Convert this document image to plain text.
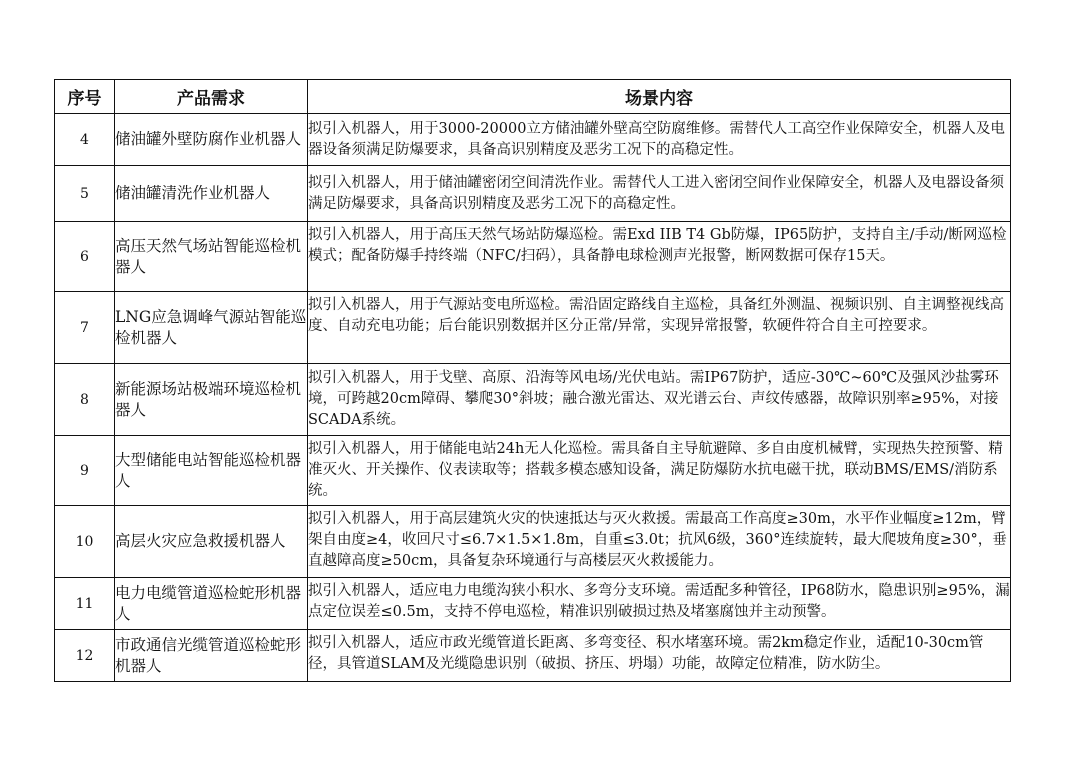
序号	产品需求	场景内容
4	储油罐外壁防腐作业机器人	拟引入机器人，用于3000-20000立方储油罐外壁高空防腐维修。需替代人工高空作业保障安全，机器人及电器设备须满足防爆要求，具备高识别精度及恶劣工况下的高稳定性。

5	储油罐清洗作业机器人	拟引入机器人，用于储油罐密闭空间清洗作业。需替代人工进入密闭空间作业保障安全，机器人及电器设备须满足防爆要求，具备高识别精度及恶劣工况下的高稳定性。

6	高压天然气场站智能巡检机器人	拟引入机器人，用于高压天然气场站防爆巡检。需Exd IIB T4 Gb防爆，IP65防护，支持自主/手动/断网巡检模式；配备防爆手持终端（NFC/扫码），具备静电球检测声光报警，断网数据可保存15天。

7	LNG应急调峰气源站智能巡检机器人	拟引入机器人，用于气源站变电所巡检。需沿固定路线自主巡检，具备红外测温、视频识别、自主调整视线高度、自动充电功能；后台能识别数据并区分正常/异常，实现异常报警，软硬件符合自主可控要求。

8	新能源场站极端环境巡检机器人	拟引入机器人，用于戈壁、高原、沿海等风电场/光伏电站。需IP67防护，适应-30℃~60℃及强风沙盐雾环境，可跨越20cm障碍、攀爬30°斜坡；融合激光雷达、双光谱云台、声纹传感器，故障识别率≥95%，对接SCADA系统。

9	大型储能电站智能巡检机器人	拟引入机器人，用于储能电站24h无人化巡检。需具备自主导航避障、多自由度机械臂，实现热失控预警、精准灭火、开关操作、仪表读取等；搭载多模态感知设备，满足防爆防水抗电磁干扰，联动BMS/EMS/消防系统。

10	高层火灾应急救援机器人	拟引入机器人，用于高层建筑火灾的快速抵达与灭火救援。需最高工作高度≥30m，水平作业幅度≥12m，臂架自由度≥4，收回尺寸≤6.7×1.5×1.8m，自重≤3.0t；抗风6级，360°连续旋转，最大爬坡角度≥30°，垂直越障高度≥50cm，具备复杂环境通行与高楼层灭火救援能力。

11	电力电缆管道巡检蛇形机器人	拟引入机器人，适应电力电缆沟狭小积水、多弯分支环境。需适配多种管径，IP68防水，隐患识别≥95%，漏点定位误差≤0.5m，支持不停电巡检，精准识别破损过热及堵塞腐蚀并主动预警。

12	市政通信光缆管道巡检蛇形机器人	拟引入机器人，适应市政光缆管道长距离、多弯变径、积水堵塞环境。需2km稳定作业，适配10-30cm管径，具管道SLAM及光缆隐患识别（破损、挤压、坍塌）功能，故障定位精准，防水防尘。
